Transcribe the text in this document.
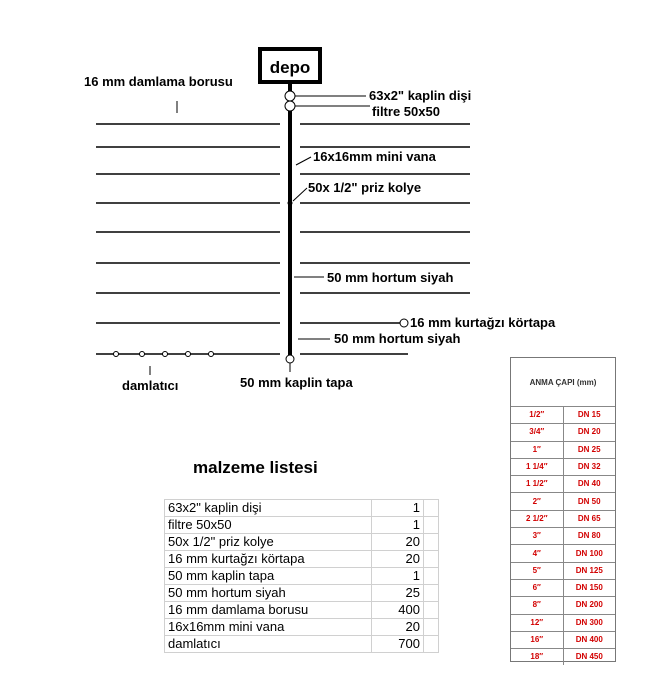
depo
16 mm damlama borusu
63x2" kaplin dişi
filtre 50x50
16x16mm mini vana
50x 1/2" priz kolye
50 mm hortum siyah
16 mm kurtağzı körtapa
50 mm hortum siyah
50 mm kaplin tapa
damlatıcı
malzeme listesi
63x2" kaplin dişi	1	
filtre 50x50	1	
50x 1/2" priz kolye	20	
16 mm kurtağzı körtapa	20	
50 mm kaplin tapa	1	
50 mm hortum siyah	25	
16 mm damlama borusu	400	
16x16mm mini vana	20	
damlatıcı	700	
ANMA ÇAPI (mm)
1/2″	DN 15
3/4″	DN 20
1″	DN 25
1 1/4″	DN 32
1 1/2″	DN 40
2″	DN 50
2 1/2″	DN 65
3″	DN 80
4″	DN 100
5″	DN 125
6″	DN 150
8″	DN 200
12″	DN 300
16″	DN 400
18″	DN 450
